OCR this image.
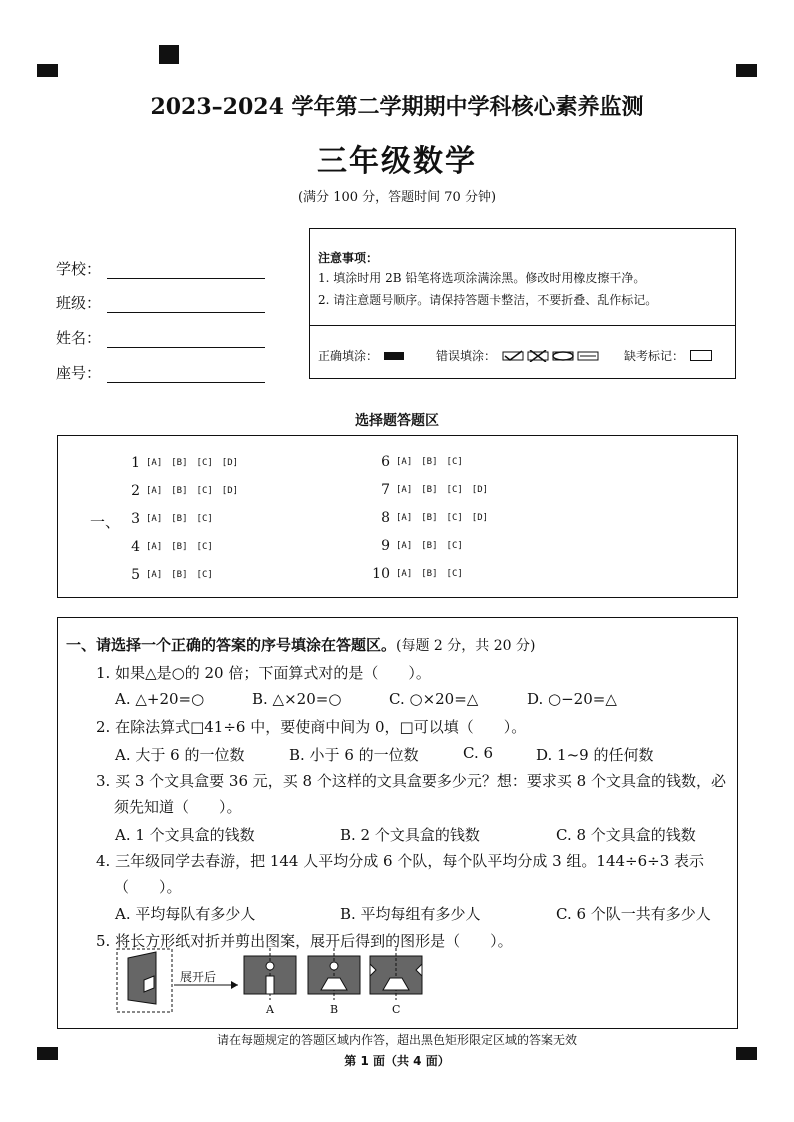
2023–2024 学年第二学期期中学科核心素养监测
三年级数学
(满分 100 分，答题时间 70 分钟)
学校：
班级：
姓名：
座号：
注意事项：
1. 填涂时用 2B 铅笔将选项涂满涂黑。修改时用橡皮擦干净。
2. 请注意题号顺序。请保持答题卡整洁，不要折叠、乱作标记。
正确填涂：	错误填涂：	缺考标记：
选择题答题区
一、
1 [A] [B] [C] [D]
2 [A] [B] [C] [D]
3 [A] [B] [C]
4 [A] [B] [C]
5 [A] [B] [C]
6 [A] [B] [C]
7 [A] [B] [C] [D]
8 [A] [B] [C] [D]
9 [A] [B] [C]
10 [A] [B] [C]
一、请选择一个正确的答案的序号填涂在答题区。(每题 2 分，共 20 分)
1. 如果△是○的 20 倍；下面算式对的是（　　）。
A. △+20=○	B. △×20=○	C. ○×20=△	D. ○−20=△
2. 在除法算式□41÷6 中，要使商中间为 0，□可以填（　　）。
A. 大于 6 的一位数	B. 小于 6 的一位数	C. 6	D. 1~9 的任何数
3. 买 3 个文具盒要 36 元，买 8 个这样的文具盒要多少元？想：要求买 8 个文具盒的钱数，必
须先知道（　　）。
A. 1 个文具盒的钱数	B. 2 个文具盒的钱数	C. 8 个文具盒的钱数
4. 三年级同学去春游，把 144 人平均分成 6 个队，每个队平均分成 3 组。144÷6÷3 表示
（　　）。
A. 平均每队有多少人	B. 平均每组有多少人	C. 6 个队一共有多少人
5. 将长方形纸对折并剪出图案，展开后得到的图形是（　　）。
展开后
A	B	C
请在每题规定的答题区域内作答，超出黑色矩形限定区域的答案无效
第 1 面（共 4 面）
